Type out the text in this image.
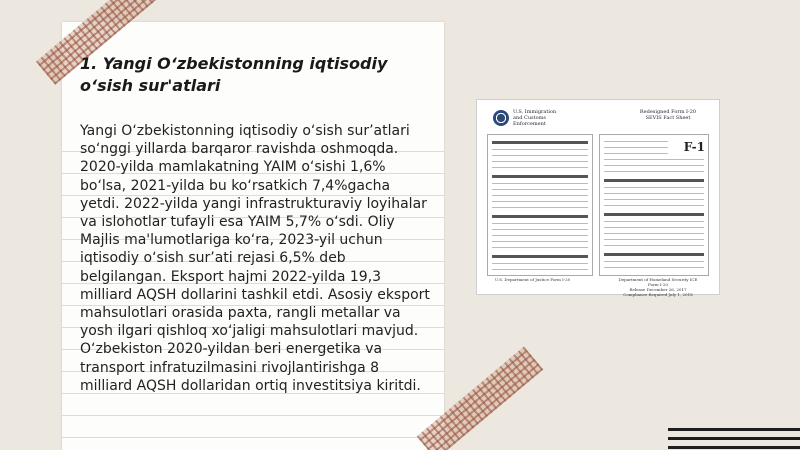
1. Yangi O‘zbekistonning iqtisodiy o‘sish sur'atlari

Yangi O‘zbekistonning iqtisodiy o‘sish sur’atlari so‘nggi yillarda barqaror ravishda oshmoqda. 2020-yilda mamlakatning YAIM o‘sishi 1,6% bo‘lsa, 2021-yilda bu ko‘rsatkich 7,4%gacha yetdi. 2022-yilda yangi infrastrukturaviy loyihalar va islohotlar tufayli esa YAIM 5,7% o‘sdi. Oliy Majlis ma'lumotlariga ko‘ra, 2023-yil uchun iqtisodiy o‘sish sur’ati rejasi 6,5% deb belgilangan. Eksport hajmi 2022-yilda 19,3 milliard AQSH dollarini tashkil etdi. Asosiy eksport mahsulotlari orasida paxta, rangli metallar va yosh ilgari qishloq xo‘jaligi mahsulotlari mavjud. O‘zbekiston 2020-yildan beri energetika va transport infratuzilmasini rivojlantirishga 8 milliard AQSH dollaridan ortiq investitsiya kiritdi.

U.S. Immigration
and Customs
Enforcement
Redesigned Form I-20
SEVIS Fact Sheet
F-1
U.S. Department of Justice Form I-20	Department of Homeland Security ICE Form I-20
Release December 26, 2017
Compliance Required July 1, 2018
